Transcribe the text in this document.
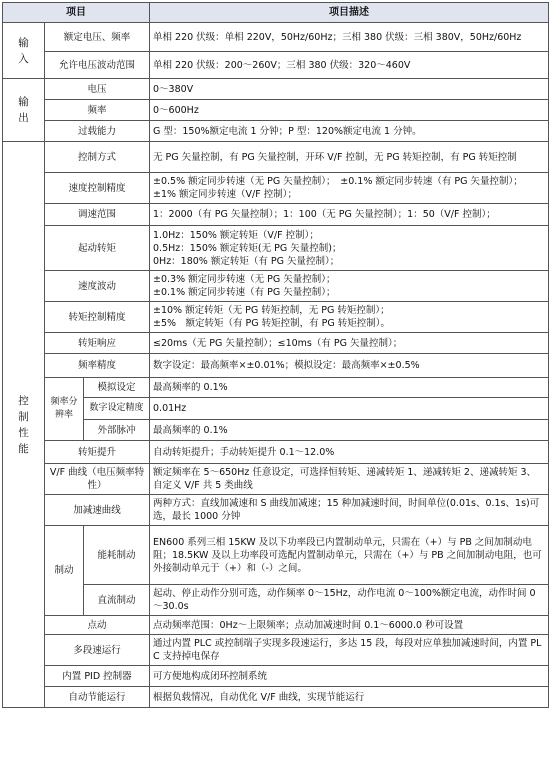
项目			项目描述

输
入	额定电压、频率		单相 220 伏级：单相 220V，50Hz/60Hz；三相 380 伏级：三相 380V，50Hz/60Hz
	允许电压波动范围		单相 220 伏级：200～260V；三相 380 伏级：320～460V

输
出	电压		0～380V
	频率		0～600Hz
	过载能力		G 型：150%额定电流 1 分钟；P 型：120%额定电流 1 分钟。

控
制
性
能	控制方式		无 PG 矢量控制，有 PG 矢量控制，开环 V/F 控制，无 PG 转矩控制，有 PG 转矩控制
	速度控制精度		±0.5% 额定同步转速（无 PG 矢量控制）；　±0.1% 额定同步转速（有 PG 矢量控制）；　±1% 额定同步转速（V/F 控制）；
	调速范围		1：2000（有 PG 矢量控制）；1：100（无 PG 矢量控制）；1：50（V/F 控制）；
	起动转矩		1.0Hz：150% 额定转矩（V/F 控制）；
0.5Hz：150% 额定转矩(无 PG 矢量控制)；
0Hz：180% 额定转矩（有 PG 矢量控制）；

	速度波动		±0.3% 额定同步转速（无 PG 矢量控制）；
±0.1% 额定同步转速（有 PG 矢量控制）；

	转矩控制精度		±10% 额定转矩（无 PG 转矩控制，无 PG 转矩控制）；
±5%　额定转矩（有 PG 转矩控制，有 PG 转矩控制）。

	转矩响应		≤20ms（无 PG 矢量控制）；≤10ms（有 PG 矢量控制）；
	频率精度		数字设定：最高频率×±0.01%；模拟设定：最高频率×±0.5%
	频率分辨率	模拟设定	最高频率的 0.1%
		数字设定精度	0.01Hz
		外部脉冲	最高频率的 0.1%
	转矩提升		自动转矩提升；手动转矩提升 0.1～12.0%
	V/F 曲线（电压频率特性）		额定频率在 5～650Hz 任意设定，可选择恒转矩、递减转矩 1、递减转矩 2、递减转矩 3、自定义 V/F 共 5 类曲线
	加减速曲线		两种方式：直线加减速和 S 曲线加减速；15 种加减速时间，时间单位(0.01s、0.1s、1s)可选，最长 1000 分钟
	制动	能耗制动	EN600 系列三相 15KW 及以下功率段已内置制动单元，只需在（+）与 PB 之间加制动电阻；18.5KW 及以上功率段可选配内置制动单元，只需在（+）与 PB 之间加制动电阻，也可外接制动单元于（+）和（-）之间。
		直流制动	起动、停止动作分别可选，动作频率 0～15Hz，动作电流 0～100%额定电流，动作时间 0～30.0s
	点动		点动频率范围：0Hz～上限频率；点动加减速时间 0.1～6000.0 秒可设置
	多段速运行		通过内置 PLC 或控制端子实现多段速运行，多达 15 段，每段对应单独加减速时间，内置 PLC 支持掉电保存
	内置 PID 控制器		可方便地构成闭环控制系统
	自动节能运行		根据负载情况，自动优化 V/F 曲线，实现节能运行
